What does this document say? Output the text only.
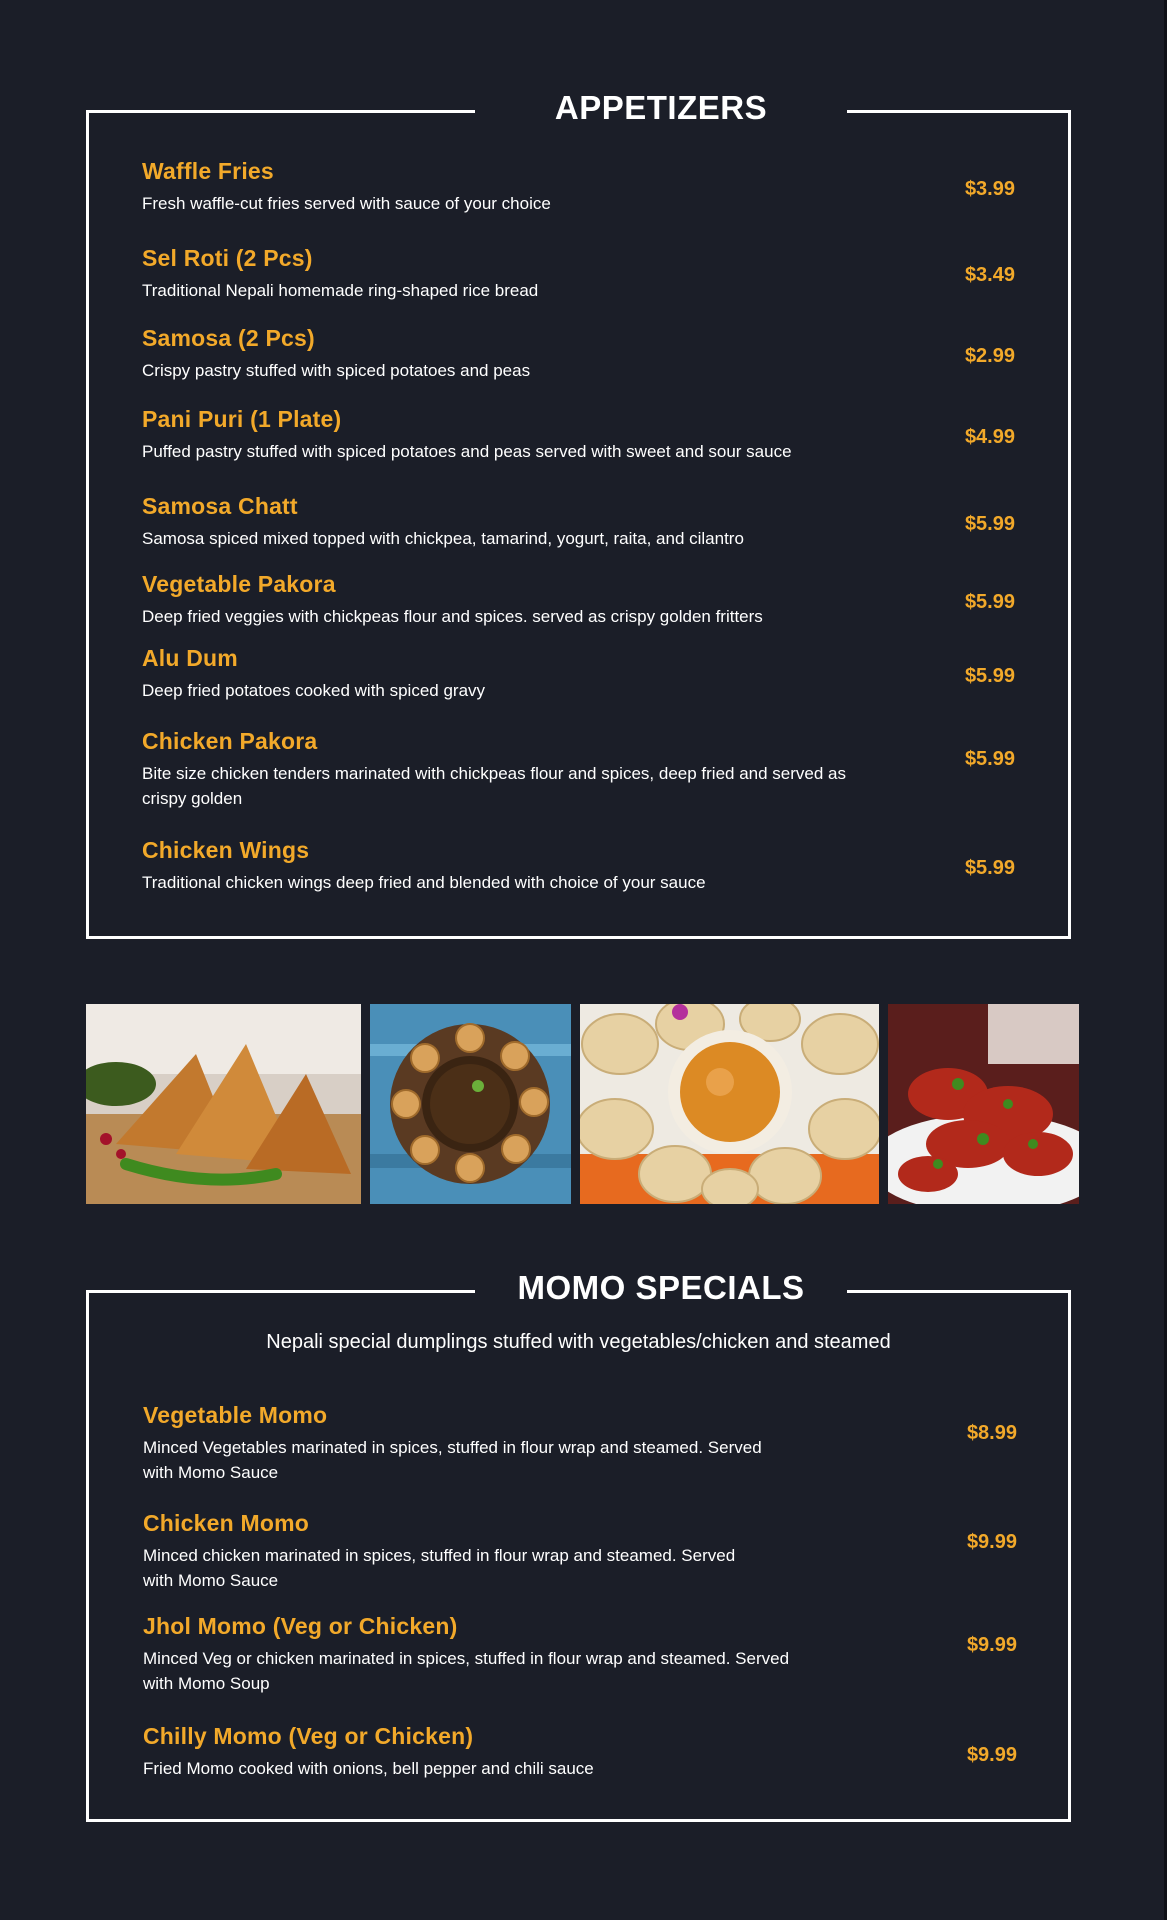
APPETIZERS
Waffle Fries
Fresh waffle-cut fries served with sauce of your choice
$3.99
Sel Roti (2 Pcs)
Traditional Nepali homemade ring-shaped rice bread
$3.49
Samosa (2 Pcs)
Crispy pastry stuffed with spiced potatoes and peas
$2.99
Pani Puri (1 Plate)
Puffed pastry stuffed with spiced potatoes and peas served with sweet and sour sauce
$4.99
Samosa Chatt
Samosa spiced mixed topped with chickpea, tamarind, yogurt, raita, and cilantro
$5.99
Vegetable Pakora
Deep fried veggies with chickpeas flour and spices. served as crispy golden fritters
$5.99
Alu Dum
Deep fried potatoes cooked with spiced gravy
$5.99
Chicken Pakora
Bite size chicken tenders marinated with chickpeas flour and spices, deep fried and served as crispy golden
$5.99
Chicken Wings
Traditional chicken wings deep fried and blended with choice of your sauce
$5.99
MOMO SPECIALS
Nepali special dumplings stuffed with vegetables/chicken and steamed
Vegetable Momo
Minced Vegetables marinated in spices, stuffed in flour wrap and steamed. Served with Momo Sauce
$8.99
Chicken Momo
Minced chicken marinated in spices, stuffed in flour wrap and steamed. Served with Momo Sauce
$9.99
Jhol Momo (Veg or Chicken)
Minced Veg or chicken marinated in spices, stuffed in flour wrap and steamed. Served with Momo Soup
$9.99
Chilly Momo (Veg or Chicken)
Fried Momo cooked with onions, bell pepper and chili sauce
$9.99
